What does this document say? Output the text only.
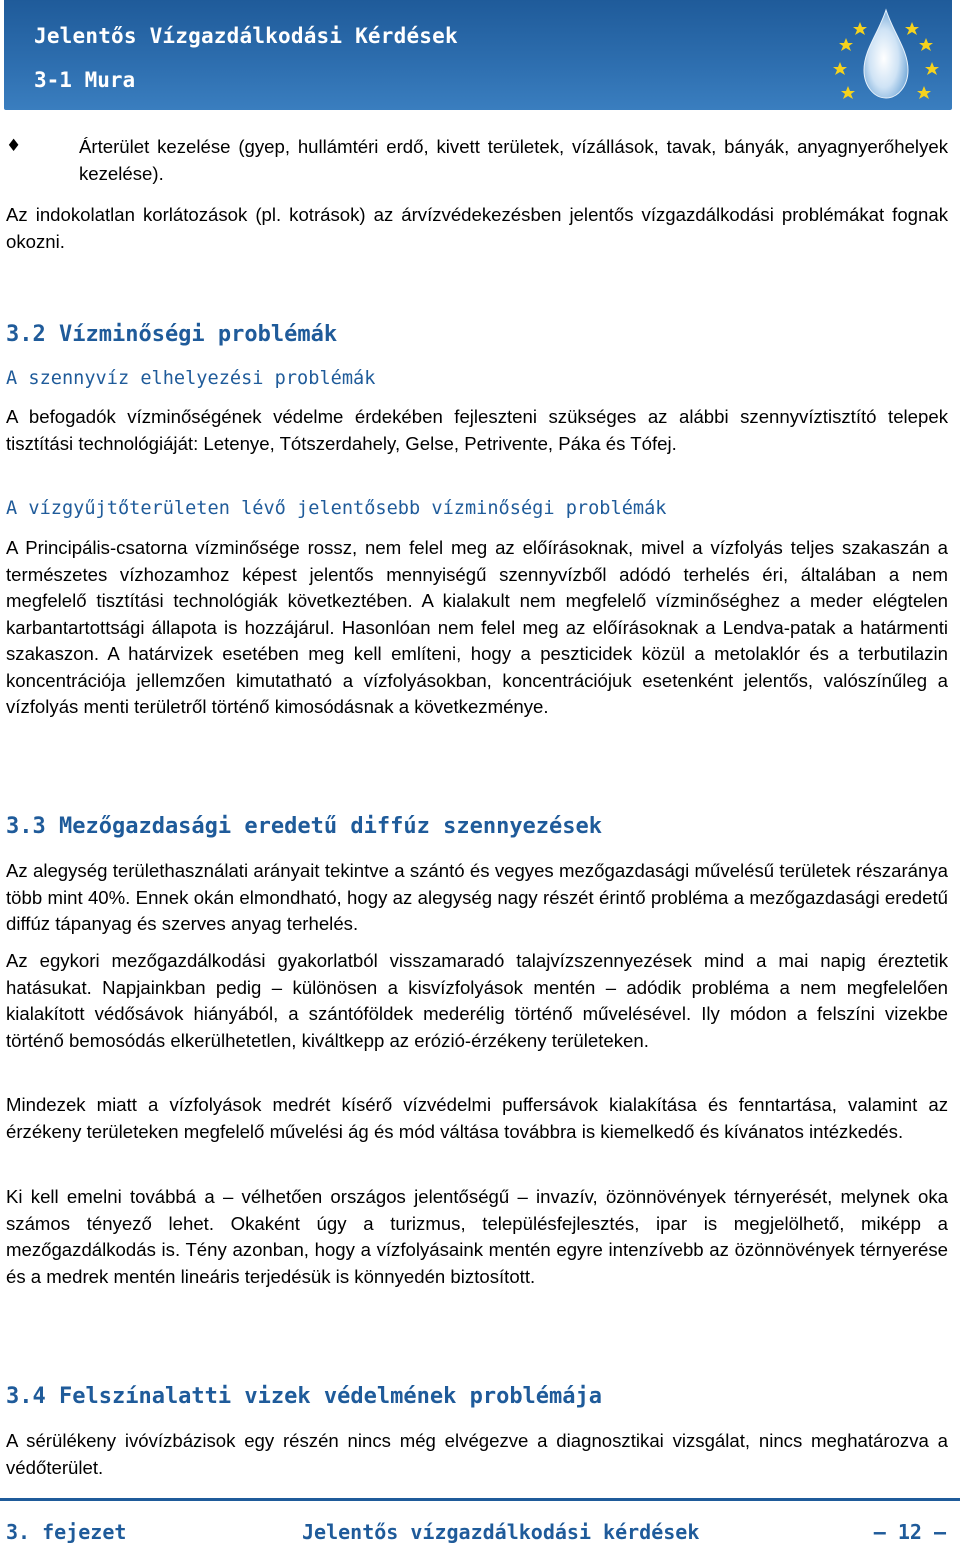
Jelentős Vízgazdálkodási Kérdések
3-1 Mura
♦	Árterület kezelése (gyep, hullámtéri erdő, kivett területek, vízállások, tavak, bányák, anyagnyerőhelyek kezelése).

Az indokolatlan korlátozások (pl. kotrások) az árvízvédekezésben jelentős vízgazdálkodási problémákat fognak okozni.

3.2 Vízminőségi problémák
A szennyvíz elhelyezési problémák

A befogadók vízminőségének védelme érdekében fejleszteni szükséges az alábbi szennyvíztisztító telepek tisztítási technológiáját: Letenye, Tótszerdahely, Gelse, Petrivente, Páka és Tófej.

A vízgyűjtőterületen lévő jelentősebb vízminőségi problémák

A Principális-csatorna vízminősége rossz, nem felel meg az előírásoknak, mivel a vízfolyás teljes szakaszán a természetes vízhozamhoz képest jelentős mennyiségű szennyvízből adódó terhelés éri, általában a nem megfelelő tisztítási technológiák következtében. A kialakult nem megfelelő vízminőséghez a meder elégtelen karbantartottsági állapota is hozzájárul. Hasonlóan nem felel meg az előírásoknak a Lendva-patak a határmenti szakaszon. A határvizek esetében meg kell említeni, hogy a peszticidek közül a metolaklór és a terbutilazin koncentrációja jellemzően kimutatható a vízfolyásokban, koncentrációjuk esetenként jelentős, valószínűleg a vízfolyás menti területről történő kimosódásnak a következménye.

3.3 Mezőgazdasági eredetű diffúz szennyezések

Az alegység területhasználati arányait tekintve a szántó és vegyes mezőgazdasági művelésű területek részaránya több mint 40%. Ennek okán elmondható, hogy az alegység nagy részét érintő probléma a mezőgazdasági eredetű diffúz tápanyag és szerves anyag terhelés.

Az egykori mezőgazdálkodási gyakorlatból visszamaradó talajvízszennyezések mind a mai napig éreztetik hatásukat. Napjainkban pedig – különösen a kisvízfolyások mentén – adódik probléma a nem megfelelően kialakított védősávok hiányából, a szántóföldek mederélig történő művelésével. Ily módon a felszíni vizekbe történő bemosódás elkerülhetetlen, kiváltkepp az erózió-érzékeny területeken.

Mindezek miatt a vízfolyások medrét kísérő vízvédelmi puffersávok kialakítása és fenntartása, valamint az érzékeny területeken megfelelő művelési ág és mód váltása továbbra is kiemelkedő és kívánatos intézkedés.

Ki kell emelni továbbá a – vélhetően országos jelentőségű – invazív, özönnövények térnyerését, melynek oka számos tényező lehet. Okaként úgy a turizmus, településfejlesztés, ipar is megjelölhető, miképp a mezőgazdálkodás is. Tény azonban, hogy a vízfolyásaink mentén egyre intenzívebb az özönnövények térnyerése és a medrek mentén lineáris terjedésük is könnyedén biztosított.

3.4 Felszínalatti vizek védelmének problémája

A sérülékeny ivóvízbázisok egy részén nincs még elvégezve a diagnosztikai vizsgálat, nincs meghatározva a védőterület.

3. fejezet	Jelentős vízgazdálkodási kérdések	— 12 —
